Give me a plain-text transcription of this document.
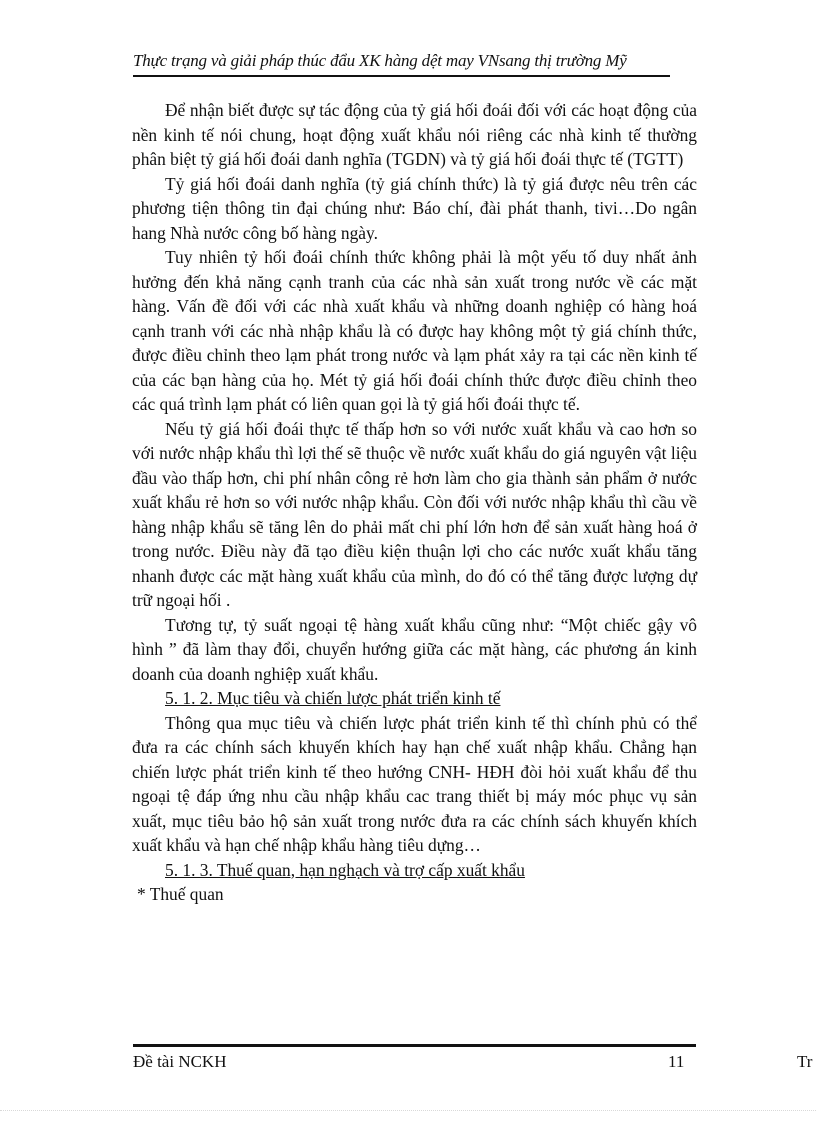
Thực trạng và giải pháp thúc đẩu XK hàng dệt may VNsang thị trường Mỹ

Để nhận biết được sự tác động của tỷ giá hối đoái đối với các hoạt động của nền kinh tế nói chung, hoạt động xuất khẩu nói riêng các nhà kinh tế thường phân biệt tỷ giá hối đoái danh nghĩa (TGDN) và tỷ giá hối đoái thực tế (TGTT)

Tỷ giá hối đoái danh nghĩa (tỷ giá chính thức) là tỷ giá được nêu trên các phương tiện thông tin đại chúng như: Báo chí, đài phát thanh, tivi…Do ngân hang Nhà nước công bố hàng ngày.

Tuy nhiên tỷ hối đoái chính thức không phải là một yếu tố duy nhất ảnh hưởng đến khả năng cạnh tranh của các nhà sản xuất trong nước về các mặt hàng. Vấn đề đối với các nhà xuất khẩu và những doanh nghiệp có hàng hoá cạnh tranh với các nhà nhập khẩu là có được hay không một tỷ giá chính thức, được điều chỉnh theo lạm phát trong nước và lạm phát xảy ra tại các nền kinh tế của các bạn hàng của họ. Mét tỷ giá hối đoái chính thức được điều chỉnh theo các quá trình lạm phát có liên quan gọi là tỷ giá hối đoái thực tế.

Nếu tỷ giá hối đoái thực tế thấp hơn so với nước xuất khẩu và cao hơn so với nước nhập khẩu thì lợi thế sẽ thuộc về nước xuất khẩu do giá nguyên vật liệu đầu vào thấp hơn, chi phí nhân công rẻ hơn làm cho gia thành sản phẩm ở nước xuất khẩu rẻ hơn so với nước nhập khẩu. Còn đối với nước nhập khẩu thì cầu về hàng nhập khẩu sẽ tăng lên do phải mất chi phí lớn hơn để sản xuất hàng hoá ở trong nước. Điều này đã tạo điều kiện thuận lợi cho các nước xuất khẩu tăng nhanh được các mặt hàng xuất khẩu của mình, do đó có thể tăng được lượng dự trữ ngoại hối .

Tương tự, tỷ suất ngoại tệ hàng xuất khẩu cũng như: “Một chiếc gậy vô hình ” đã làm thay đổi, chuyển hướng giữa các mặt hàng, các phương án kinh doanh của doanh nghiệp xuất khẩu.

5. 1. 2. Mục tiêu và chiến lược phát triển kinh tế

Thông qua mục tiêu và chiến lược phát triển kinh tế thì chính phủ có thể đưa ra các chính sách khuyến khích hay hạn chế xuất nhập khẩu. Chẳng hạn chiến lược phát triển kinh tế theo hướng CNH- HĐH đòi hỏi xuất khẩu để thu ngoại tệ đáp ứng nhu cầu nhập khẩu cac trang thiết bị máy móc phục vụ sản xuất, mục tiêu bảo hộ sản xuất trong nước đưa ra các chính sách khuyến khích xuất khẩu và hạn chế nhập khẩu hàng tiêu dựng…

5. 1. 3. Thuế quan, hạn nghạch và trợ cấp xuất khẩu

* Thuế quan

Đề tài NCKH	11	Tr
